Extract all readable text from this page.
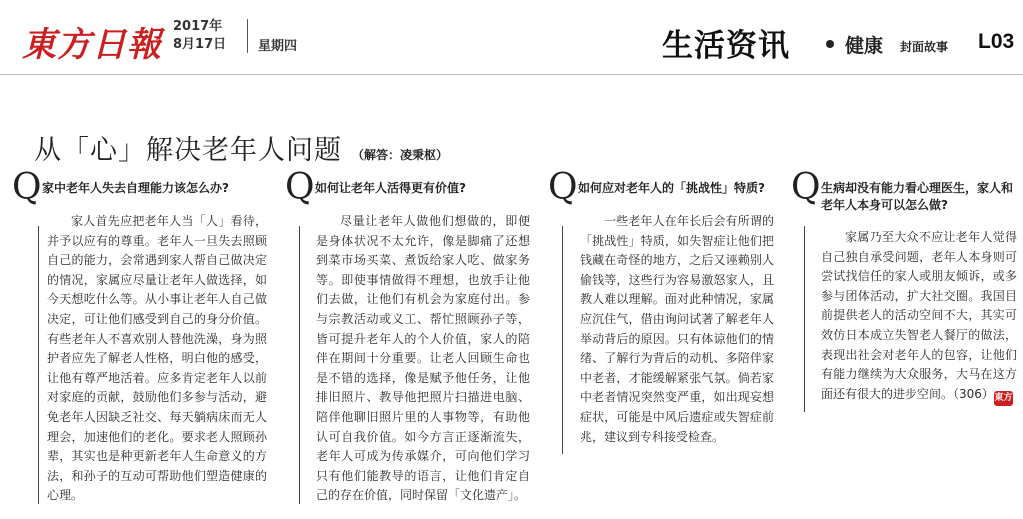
東方日報 2017年
8月17日 星期四	生活资讯	健康 封面故事 L03
从「心」解决老年人问题 （解答：凌秉枢）
Q 家中老年人失去自理能力该怎么办?
家人首先应把老年人当「人」看待，并予以应有的尊重。老年人一旦失去照顾自己的能力，会常遇到家人帮自己做决定的情况，家属应尽量让老年人做选择，如今天想吃什么等。从小事让老年人自己做决定，可让他们感受到自己的身分价值。有些老年人不喜欢别人替他洗澡，身为照护者应先了解老人性格，明白他的感受，让他有尊严地活着。应多肯定老年人以前对家庭的贡献，鼓励他们多参与活动，避免老年人因缺乏社交、每天躺病床而无人理会，加速他们的老化。要求老人照顾孙辈，其实也是种更新老年人生命意义的方法，和孙子的互动可帮助他们塑造健康的心理。
Q 如何让老年人活得更有价值?
尽量让老年人做他们想做的，即便是身体状况不太允许，像是脚痛了还想到菜市场买菜、煮饭给家人吃、做家务等。即使事情做得不理想，也放手让他们去做，让他们有机会为家庭付出。参与宗教活动或义工、帮忙照顾孙子等，皆可提升老年人的个人价值，家人的陪伴在期间十分重要。让老人回顾生命也是不错的选择，像是赋予他任务，让他排旧照片、教导他把照片扫描进电脑、陪伴他聊旧照片里的人事物等，有助他认可自我价值。如今方言正逐渐流失，老年人可成为传承媒介，可向他们学习只有他们能教导的语言，让他们肯定自己的存在价值，同时保留「文化遗产」。
Q 如何应对老年人的「挑战性」特质?
一些老年人在年长后会有所谓的「挑战性」特质，如失智症让他们把钱藏在奇怪的地方，之后又诬赖别人偷钱等，这些行为容易激怒家人，且教人难以理解。面对此种情况，家属应沉住气，借由询问试著了解老年人举动背后的原因。只有体谅他们的情绪、了解行为背后的动机、多陪伴家中老者，才能缓解紧张气氛。倘若家中老者情况突然变严重，如出现妄想症状，可能是中风后遗症或失智症前兆，建议到专科接受检查。
Q 生病却没有能力看心理医生，家人和老年人本身可以怎么做?
家属乃至大众不应让老年人觉得自己独自承受问题，老年人本身则可尝试找信任的家人或朋友倾诉，或多参与团体活动，扩大社交圈。我国目前提供老人的活动空间不大，其实可效仿日本成立失智老人餐厅的做法，表现出社会对老年人的包容，让他们有能力继续为大众服务，大马在这方面还有很大的进步空间。（306）東方
